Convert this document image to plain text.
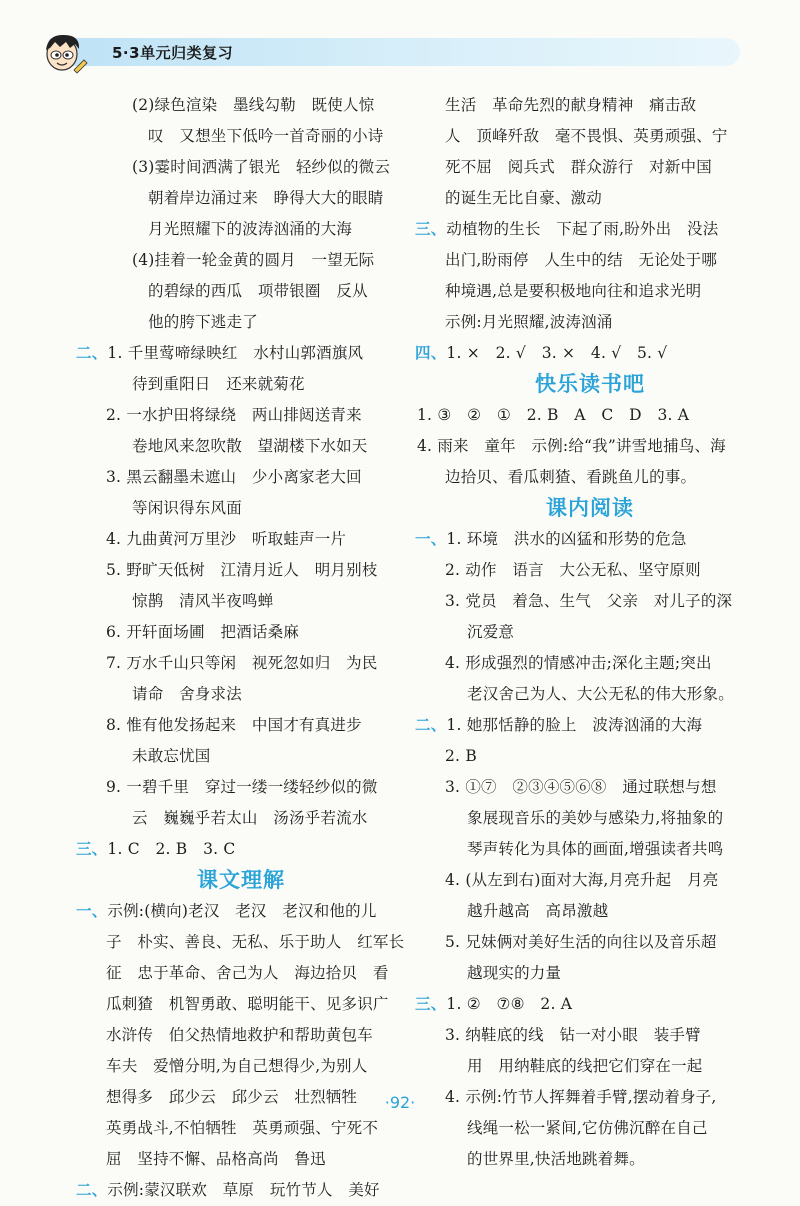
5·3单元归类复习
(2)绿色渲染　墨线勾勒　既使人惊
叹　又想坐下低吟一首奇丽的小诗
(3)霎时间洒满了银光　轻纱似的微云
朝着岸边涌过来　睁得大大的眼睛
月光照耀下的波涛汹涌的大海
(4)挂着一轮金黄的圆月　一望无际
的碧绿的西瓜　项带银圈　反从
他的胯下逃走了
二、1. 千里莺啼绿映红　水村山郭酒旗风
待到重阳日　还来就菊花
2. 一水护田将绿绕　两山排闼送青来
卷地风来忽吹散　望湖楼下水如天
3. 黑云翻墨未遮山　少小离家老大回
等闲识得东风面
4. 九曲黄河万里沙　听取蛙声一片
5. 野旷天低树　江清月近人　明月别枝
惊鹊　清风半夜鸣蝉
6. 开轩面场圃　把酒话桑麻
7. 万水千山只等闲　视死忽如归　为民
请命　舍身求法
8. 惟有他发扬起来　中国才有真进步
未敢忘忧国
9. 一碧千里　穿过一缕一缕轻纱似的微
云　巍巍乎若太山　汤汤乎若流水
三、1. C　2. B　3. C
课文理解
一、示例:(横向)老汉　老汉　老汉和他的儿
子　朴实、善良、无私、乐于助人　红军长
征　忠于革命、舍己为人　海边拾贝　看
瓜刺猹　机智勇敢、聪明能干、见多识广
水浒传　伯父热情地救护和帮助黄包车
车夫　爱憎分明,为自己想得少,为别人
想得多　邱少云　邱少云　壮烈牺牲
英勇战斗,不怕牺牲　英勇顽强、宁死不
屈　坚持不懈、品格高尚　鲁迅
二、示例:蒙汉联欢　草原　玩竹节人　美好
生活　革命先烈的献身精神　痛击敌
人　顶峰歼敌　毫不畏惧、英勇顽强、宁
死不屈　阅兵式　群众游行　对新中国
的诞生无比自豪、激动
三、动植物的生长　下起了雨,盼外出　没法
出门,盼雨停　人生中的结　无论处于哪
种境遇,总是要积极地向往和追求光明
示例:月光照耀,波涛汹涌
四、1. ×　2. √　3. ×　4. √　5. √
快乐读书吧
1. ③　②　①　2. B　A　C　D　3. A
4. 雨来　童年　示例:给“我”讲雪地捕鸟、海
边拾贝、看瓜刺猹、看跳鱼儿的事。
课内阅读
一、1. 环境　洪水的凶猛和形势的危急
2. 动作　语言　大公无私、坚守原则
3. 党员　着急、生气　父亲　对儿子的深
沉爱意
4. 形成强烈的情感冲击;深化主题;突出
老汉舍己为人、大公无私的伟大形象。
二、1. 她那恬静的脸上　波涛汹涌的大海
2. B
3. ①⑦　②③④⑤⑥⑧　通过联想与想
象展现音乐的美妙与感染力,将抽象的
琴声转化为具体的画面,增强读者共鸣
4. (从左到右)面对大海,月亮升起　月亮
越升越高　高昂激越
5. 兄妹俩对美好生活的向往以及音乐超
越现实的力量
三、1. ②　⑦⑧　2. A
3. 纳鞋底的线　钻一对小眼　装手臂
用　用纳鞋底的线把它们穿在一起
4. 示例:竹节人挥舞着手臂,摆动着身子,
线绳一松一紧间,它仿佛沉醉在自己
的世界里,快活地跳着舞。
·92·
